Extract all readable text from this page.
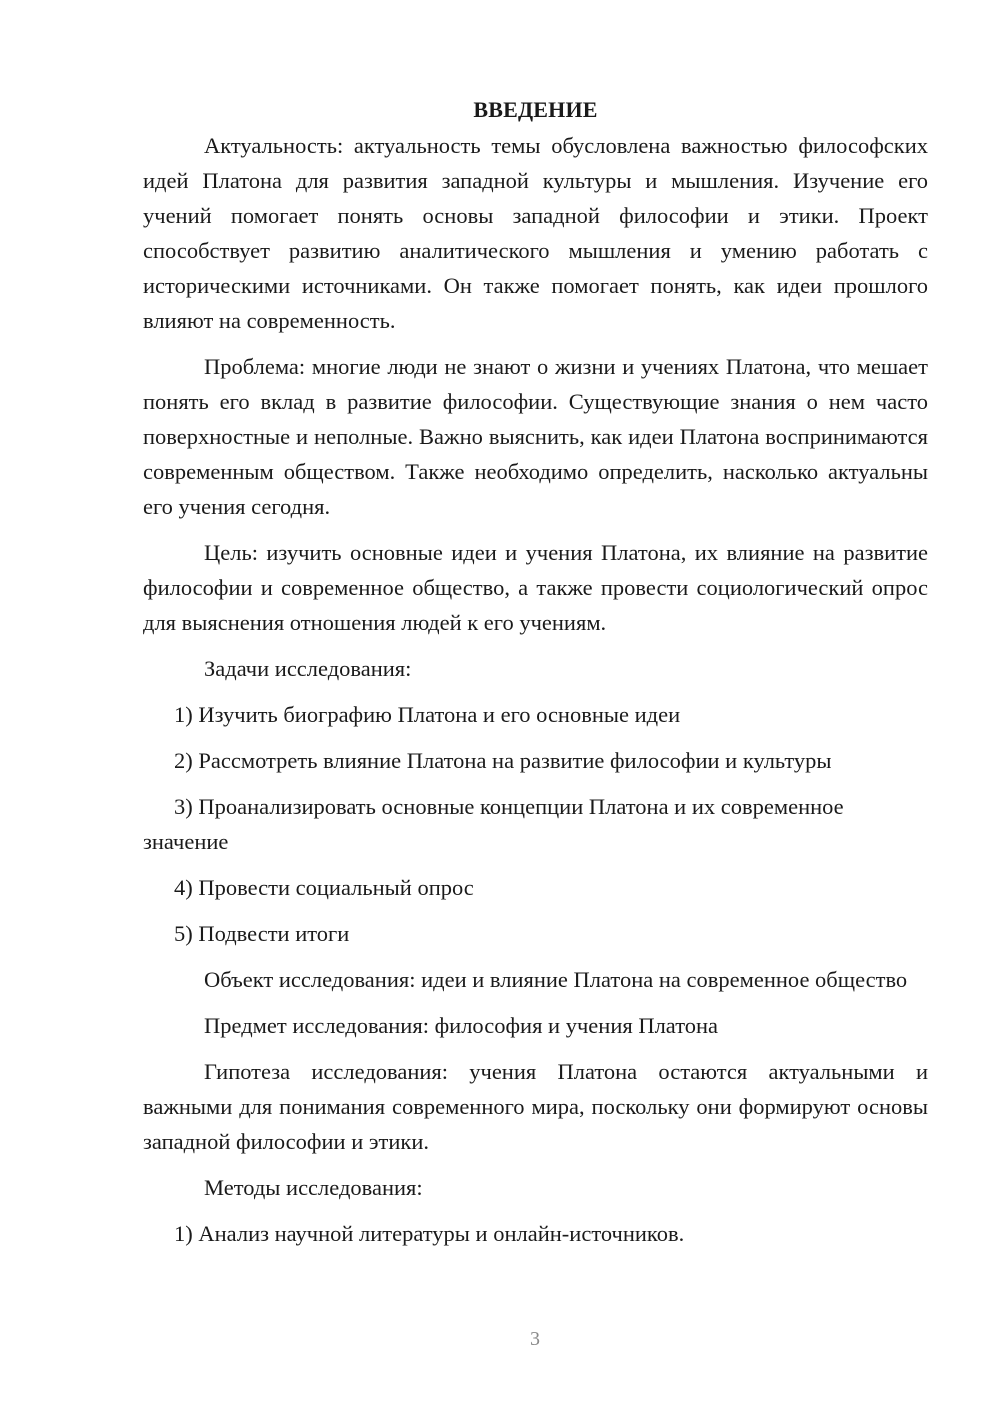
ВВЕДЕНИЕ

Актуальность: актуальность темы обусловлена важностью философских идей Платона для развития западной культуры и мышления. Изучение его учений помогает понять основы западной философии и этики. Проект способствует развитию аналитического мышления и умению работать с историческими источниками. Он также помогает понять, как идеи прошлого влияют на современность.

Проблема: многие люди не знают о жизни и учениях Платона, что мешает понять его вклад в развитие философии. Существующие знания о нем часто поверхностные и неполные. Важно выяснить, как идеи Платона воспринимаются современным обществом. Также необходимо определить, насколько актуальны его учения сегодня.

Цель: изучить основные идеи и учения Платона, их влияние на развитие философии и современное общество, а также провести социологический опрос для выяснения отношения людей к его учениям.

Задачи исследования:

1) Изучить биографию Платона и его основные идеи

2) Рассмотреть влияние Платона на развитие философии и культуры

3) Проанализировать основные концепции Платона и их современное значение

4) Провести социальный опрос

5) Подвести итоги

Объект исследования: идеи и влияние Платона на современное общество

Предмет исследования: философия и учения Платона

Гипотеза исследования: учения Платона остаются актуальными и важными для понимания современного мира, поскольку они формируют основы западной философии и этики.

Методы исследования:

1) Анализ научной литературы и онлайн-источников.

3
